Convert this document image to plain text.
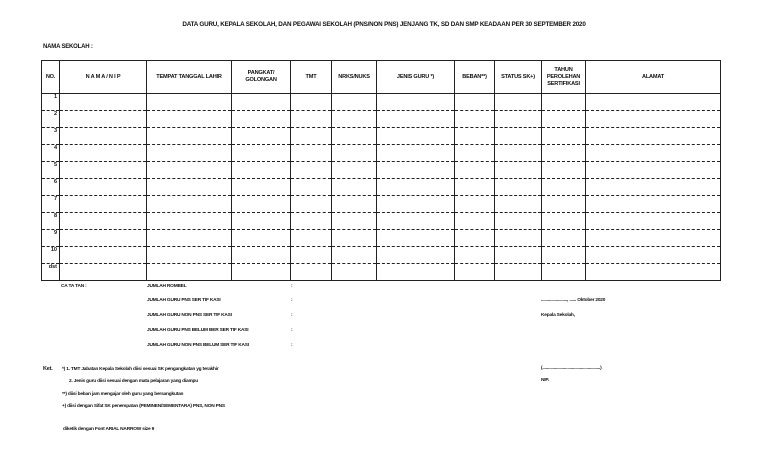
DATA GURU, KEPALA SEKOLAH, DAN PEGAWAI SEKOLAH (PNS/NON PNS) JENJANG TK, SD DAN SMP KEADAAN PER 30 SEPTEMBER 2020
NAMA SEKOLAH :
NO.	N A M A / N I P	TEMPAT TANGGAL LAHIR	PANGKAT/ GOLONGAN	TMT	NRKS/NUKS	JENIS GURU *)	BEBAN**)	STATUS SK+)	TAHUN PEROLEHAN SERTIFIKASI	ALAMAT
1										
2										
3										
4										
5										
6										
7										
8										
9										
10										
dst										
CA TA TAN :	JUMLAH ROMBEL	:
JUMLAH GURU PNS SER TIF KASI	:
JUMLAH GURU NON PNS SER TIF KASI	:
JUMLAH GURU PNS BELUM BER SER TIF KASI	:
JUMLAH GURU NON PNS BELUM SER TIF KASI	:
......................., ...... Oktober 2020
Kepala Sekolah,
(...................................................)
NIP.
Ket. *) 1. TMT Jabatan Kepala Sekolah diisi sesuai SK pengangkatan yg terakhir
2. Jenis guru diisi sesuai dengan mata pelajaran yang diampu
**) diisi beban jam mengajar oleh guru yang bersangkutan
+) diisi dengan Sifat SK penempatan (PEMINEN/SEMENTARA) PNS, NON PNS
diketik dengan Font ARIAL NARROW size 9
